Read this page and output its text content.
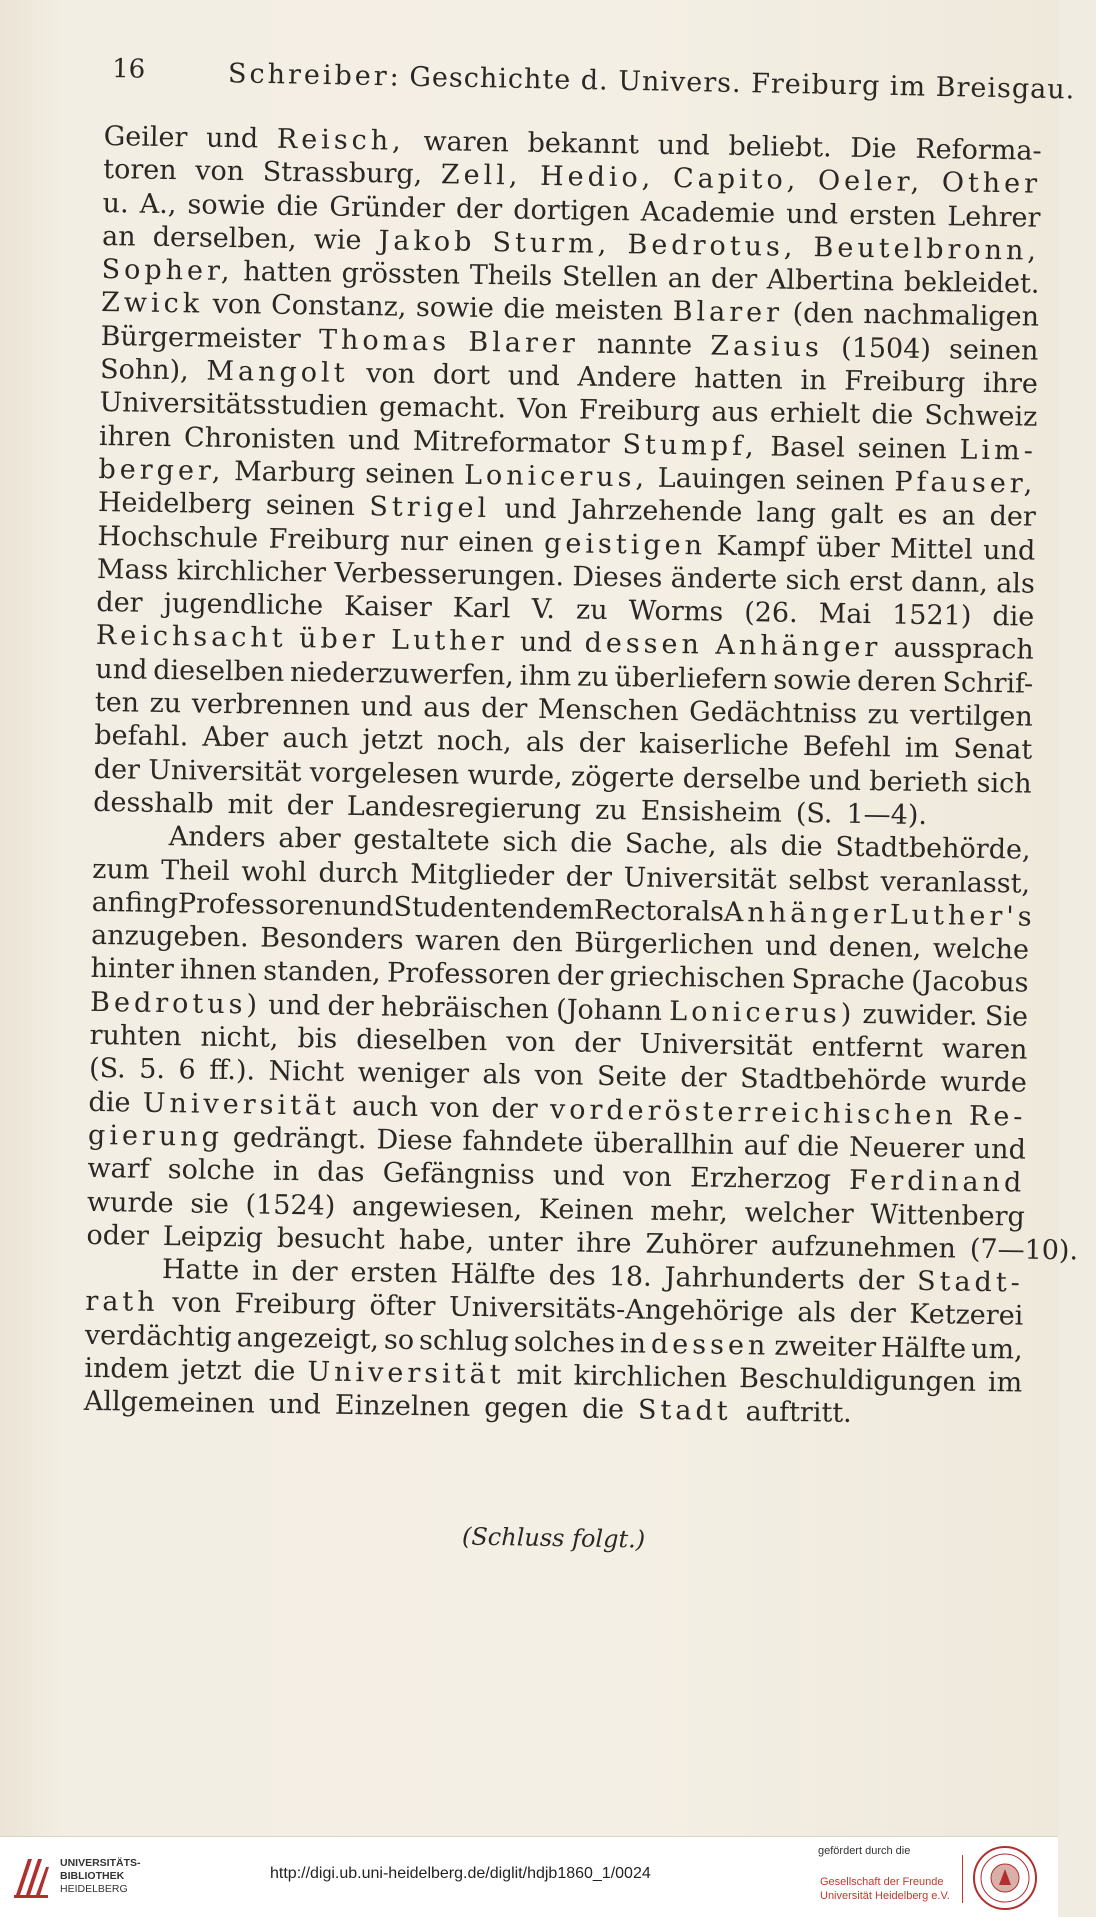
16	Schreiber: Geschichte d. Univers. Freiburg im Breisgau.
Geiler und Reisch, waren bekannt und beliebt. Die Reforma-
toren von Strassburg, Zell, Hedio, Capito, Oeler, Other
u. A., sowie die Gründer der dortigen Academie und ersten Lehrer
an derselben, wie Jakob Sturm, Bedrotus, Beutelbronn,
Sopher, hatten grössten Theils Stellen an der Albertina bekleidet.
Zwick von Constanz, sowie die meisten Blarer (den nachmaligen
Bürgermeister Thomas Blarer nannte Zasius (1504) seinen
Sohn), Mangolt von dort und Andere hatten in Freiburg ihre
Universitätsstudien gemacht. Von Freiburg aus erhielt die Schweiz
ihren Chronisten und Mitreformator Stumpf, Basel seinen Lim-
berger, Marburg seinen Lonicerus, Lauingen seinen Pfauser,
Heidelberg seinen Strigel und Jahrzehende lang galt es an der
Hochschule Freiburg nur einen geistigen Kampf über Mittel und
Mass kirchlicher Verbesserungen. Dieses änderte sich erst dann, als
der jugendliche Kaiser Karl V. zu Worms (26. Mai 1521) die
Reichsacht über Luther und dessen Anhänger aussprach
und dieselben niederzuwerfen, ihm zu überliefern sowie deren Schrif-
ten zu verbrennen und aus der Menschen Gedächtniss zu vertilgen
befahl. Aber auch jetzt noch, als der kaiserliche Befehl im Senat
der Universität vorgelesen wurde, zögerte derselbe und berieth sich
desshalb mit der Landesregierung zu Ensisheim (S. 1—4).
Anders aber gestaltete sich die Sache, als die Stadtbehörde,
zum Theil wohl durch Mitglieder der Universität selbst veranlasst,
anfing Professoren und Studenten dem Rector als Anhänger Luther's
anzugeben. Besonders waren den Bürgerlichen und denen, welche
hinter ihnen standen, Professoren der griechischen Sprache (Jacobus
Bedrotus) und der hebräischen (Johann Lonicerus) zuwider. Sie
ruhten nicht, bis dieselben von der Universität entfernt waren
(S. 5. 6 ff.). Nicht weniger als von Seite der Stadtbehörde wurde
die Universität auch von der vorderösterreichischen Re-
gierung gedrängt. Diese fahndete überallhin auf die Neuerer und
warf solche in das Gefängniss und von Erzherzog Ferdinand
wurde sie (1524) angewiesen, Keinen mehr, welcher Wittenberg
oder Leipzig besucht habe, unter ihre Zuhörer aufzunehmen (7—10).
Hatte in der ersten Hälfte des 18. Jahrhunderts der Stadt-
rath von Freiburg öfter Universitäts-Angehörige als der Ketzerei
verdächtig angezeigt, so schlug solches in dessen zweiter Hälfte um,
indem jetzt die Universität mit kirchlichen Beschuldigungen im
Allgemeinen und Einzelnen gegen die Stadt auftritt.
(Schluss folgt.)
UNIVERSITÄTS-
BIBLIOTHEK
HEIDELBERG
http://digi.ub.uni-heidelberg.de/diglit/hdjb1860_1/0024
gefördert durch die
Gesellschaft der Freunde
Universität Heidelberg e.V.
